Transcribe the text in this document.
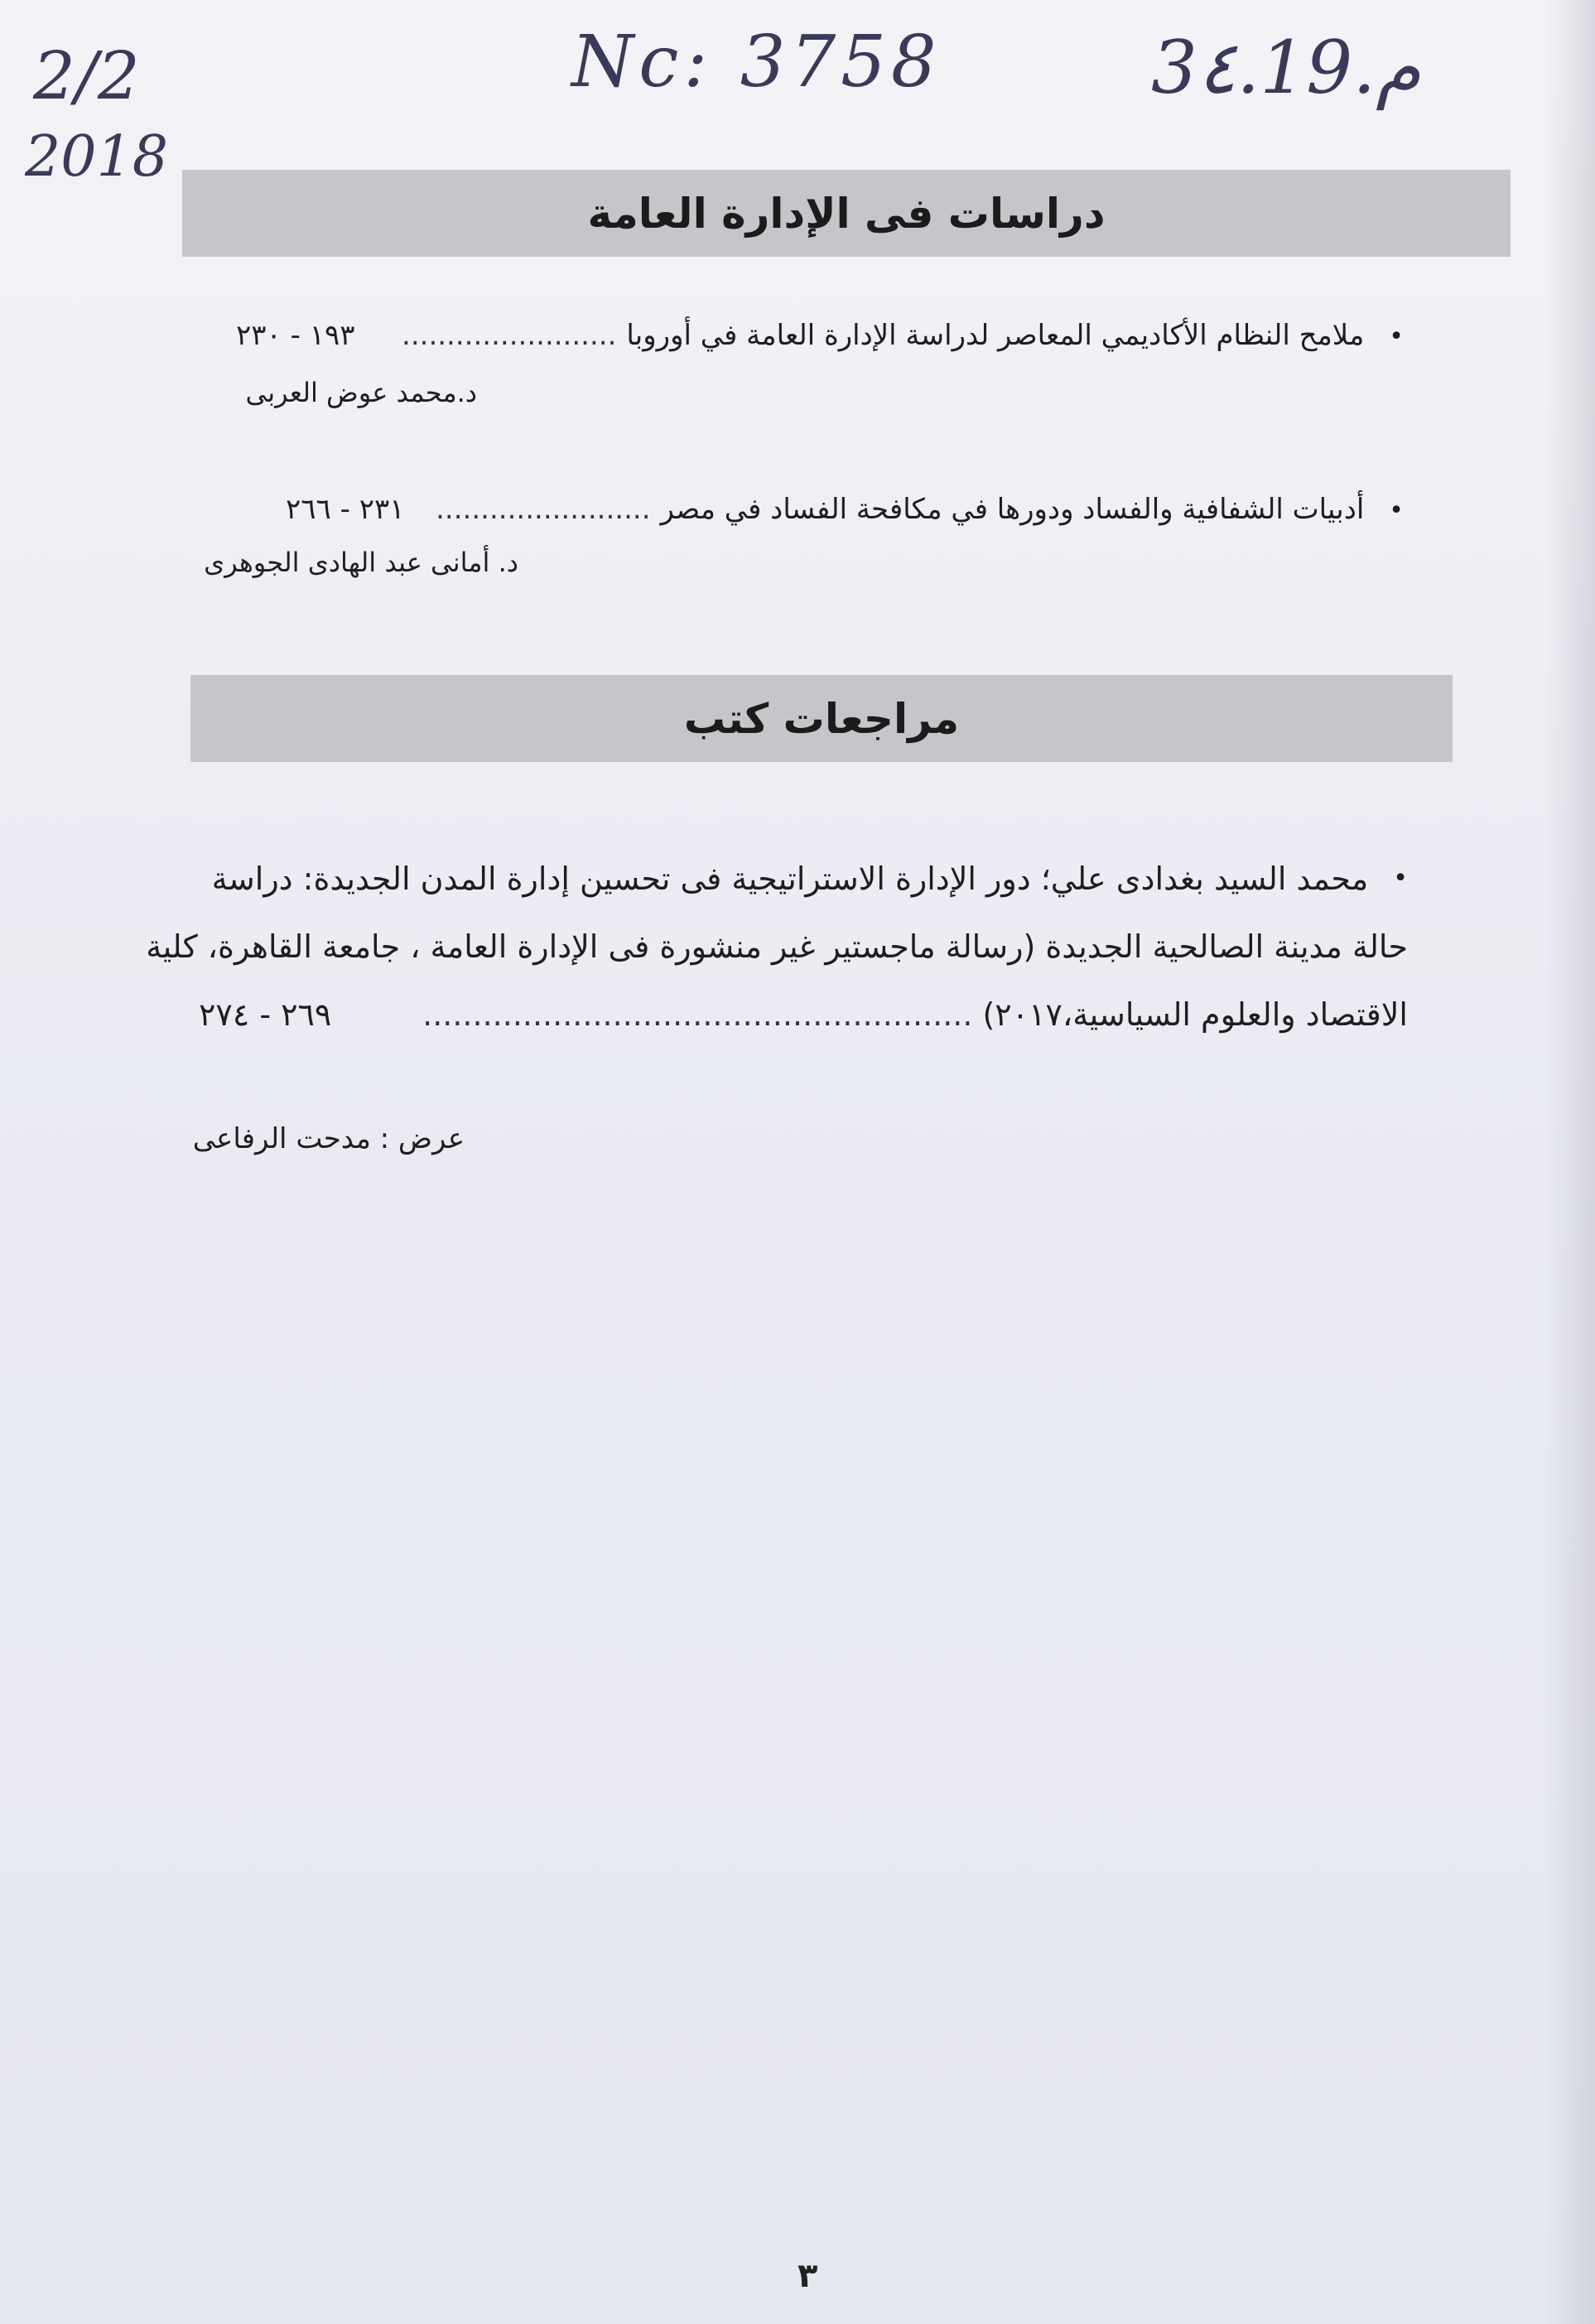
2/2
2018
Nc: 3758	3٤.19.م
دراسات فى الإدارة العامة
•
ملامح النظام الأكاديمي المعاصر لدراسة الإدارة العامة في أوروبا
........................
١٩٣ - ٢٣٠
د.محمد عوض العربى
•
أدبيات الشفافية والفساد ودورها في مكافحة الفساد في مصر
........................
٢٣١ - ٢٦٦
د. أمانى عبد الهادى الجوهرى
مراجعات كتب
•
محمد السيد بغدادى علي؛ دور الإدارة الاستراتيجية فى تحسين إدارة المدن الجديدة: دراسة
حالة مدينة الصالحية الجديدة (رسالة ماجستير غير منشورة فى الإدارة العامة ، جامعة القاهرة، كلية
الاقتصاد والعلوم السياسية،٢٠١٧)
.......................................................
٢٦٩ - ٢٧٤
عرض : مدحت الرفاعى
٣
